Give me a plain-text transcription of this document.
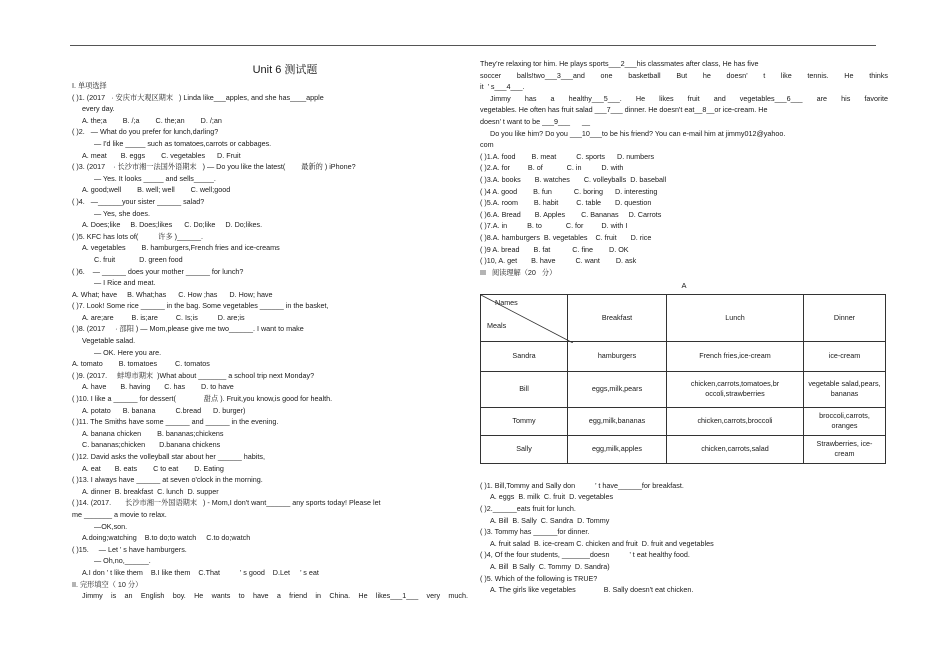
Unit 6 测试题
I. 单项选择
( )1. (2017   · 安庆市大观区期末   ) Linda like___apples, and she has____apple
every day.
A. the;a        B. /;a        C. the;an        D. /;an
( )2.   — What do you prefer for lunch,darling?
— I'd like _____ such as tomatoes,carrots or cabbages.
A. meat       B. eggs        C. vegetables      D. Fruit
( )3. (2017    · 长沙市湘一法国外语期末   ) — Do you like the latest(        最新的 ) iPhone?
— Yes. It looks _____ and sells_____.
A. good;well        B. well; well        C. well;good
( )4.   —______your sister ______ salad?
— Yes, she does.
A. Does;like     B. Does;likes      C. Do;like     D. Do;likes.
( )5. KFC has lots of(          许多 )______.
A. vegetables        B. hamburgers,French fries and ice-creams
C. fruit            D. green food
( )6.    — ______ does your mother ______ for lunch?
— I Rice and meat.
A. What; have     B. What;has      C. How ;has      D. How; have
( )7. Look! Some rice ______ in the bag. Some vegetables ______ in the basket,
A. are;are         B. is;are         C. Is;is          D. are;is
( )8. (2017     · 邵阳 ) — Mom,please give me two______. I want to make
Vegetable salad.
— OK. Here you are.
A. tomato        B. tomatoes         C. tomatos
( )9. (2017.     蚌埠市期末  )What about _______ a school trip next Monday?
A. have       B. having       C. has        D. to have
( )10. I like a ______ for dessert(              甜点 ). Fruit,you know,is good for health.
A. potato      B. banana          C.bread      D. burger)
( )11. The Smiths have some ______ and ______ in the evening.
A. banana chicken        B. bananas;chickens
C. bananas;chicken       D.banana chickens
( )12. David asks the volleyball star about her ______ habits,
A. eat       B. eats        C to eat        D. Eating
( )13. I always have ______ at seven o'clock in the morning.
A. dinner  B. breakfast  C. lunch  D. supper
( )14. (2017.       长沙市湘一外国语期末   ) - Mom,I don't want______ any sports today! Please let
me _______ a movie to relax.
—OK,son.
A.doing;watching    B.to do;to watch     C.to do;watch
( )15.     — Let ’ s have hamburgers.
— Oh,no,______.
A.I don ’ t like them    B.I like them    C.That          ’ s good    D.Let     ’ s eat
II. 完形填空（ 10 分）
Jimmy is an English boy. He wants to have a friend in China. He likes___1___ very much.
They’re relaxing tor him. He plays sports___2___his classmates after class, He has five
soccer balls!two___3___and one basketball But he doesn’ t like tennis. He thinks
it  ’ s___4___.
Jimmy has a healthy___5___. He likes fruit and vegetables___6___ are his favorite
vegetables. He often has fruit salad ___7___ dinner. He doesn't eat__8__or ice-cream. He
doesn’ t want to be ___9___      __
Do you like him? Do you ___10___to be his friend? You can e-mail him at jimmy012@yahoo.
com
( )1.A. food        B. meat          C. sports      D. numbers
( )2.A. for         B. of            C. in          D. with
( )3.A. books       B. watches       C. volleyballs  D. baseball
( )4 A. good        B. fun           C. boring      D. interesting
( )5.A. room        B. habit         C. table       D. question
( )6.A. Bread       B. Apples        C. Bananas     D. Carrots
( )7.A. in          B. to            C. for         D. with I
( )8.A. hamburgers  B. vegetables    C. fruit       D. rice
( )9 A. bread       B. fat           C. fine        D. OK
( )10, A. get       B. have          C. want        D. ask
III   阅读理解（20   分）
A
Names
Meals	Breakfast	Lunch	Dinner
Sandra	hamburgers	French fries,ice-cream	ice-cream
Bill	eggs,milk,pears	chicken,carrots,tomatoes,br occoli,strawberries	vegetable salad,pears, bananas
Tommy	egg,milk,bananas	chicken,carrots,broccoli	broccoli,carrots, oranges
Sally	egg,milk,apples	chicken,carrots,salad	Strawberries, ice-cream
( )1. Bill,Tommy and Sally don          ’ t have______for breakfast.
A. eggs  B. milk  C. fruit  D. vegetables
( )2.______eats fruit for lunch.
A. Bill  B. Sally  C. Sandra  D. Tommy
( )3. Tommy has ______for dinner.
A. fruit salad  B. ice-cream C. chicken and fruit  D. fruit and vegetables
( )4, Of the four students, _______doesn          ’ t eat healthy food.
A. Bill  B Sally  C. Tommy  D. Sandra)
( )5. Which of the following is TRUE?
A. The girls like vegetables              B. Sally doesn't eat chicken.
